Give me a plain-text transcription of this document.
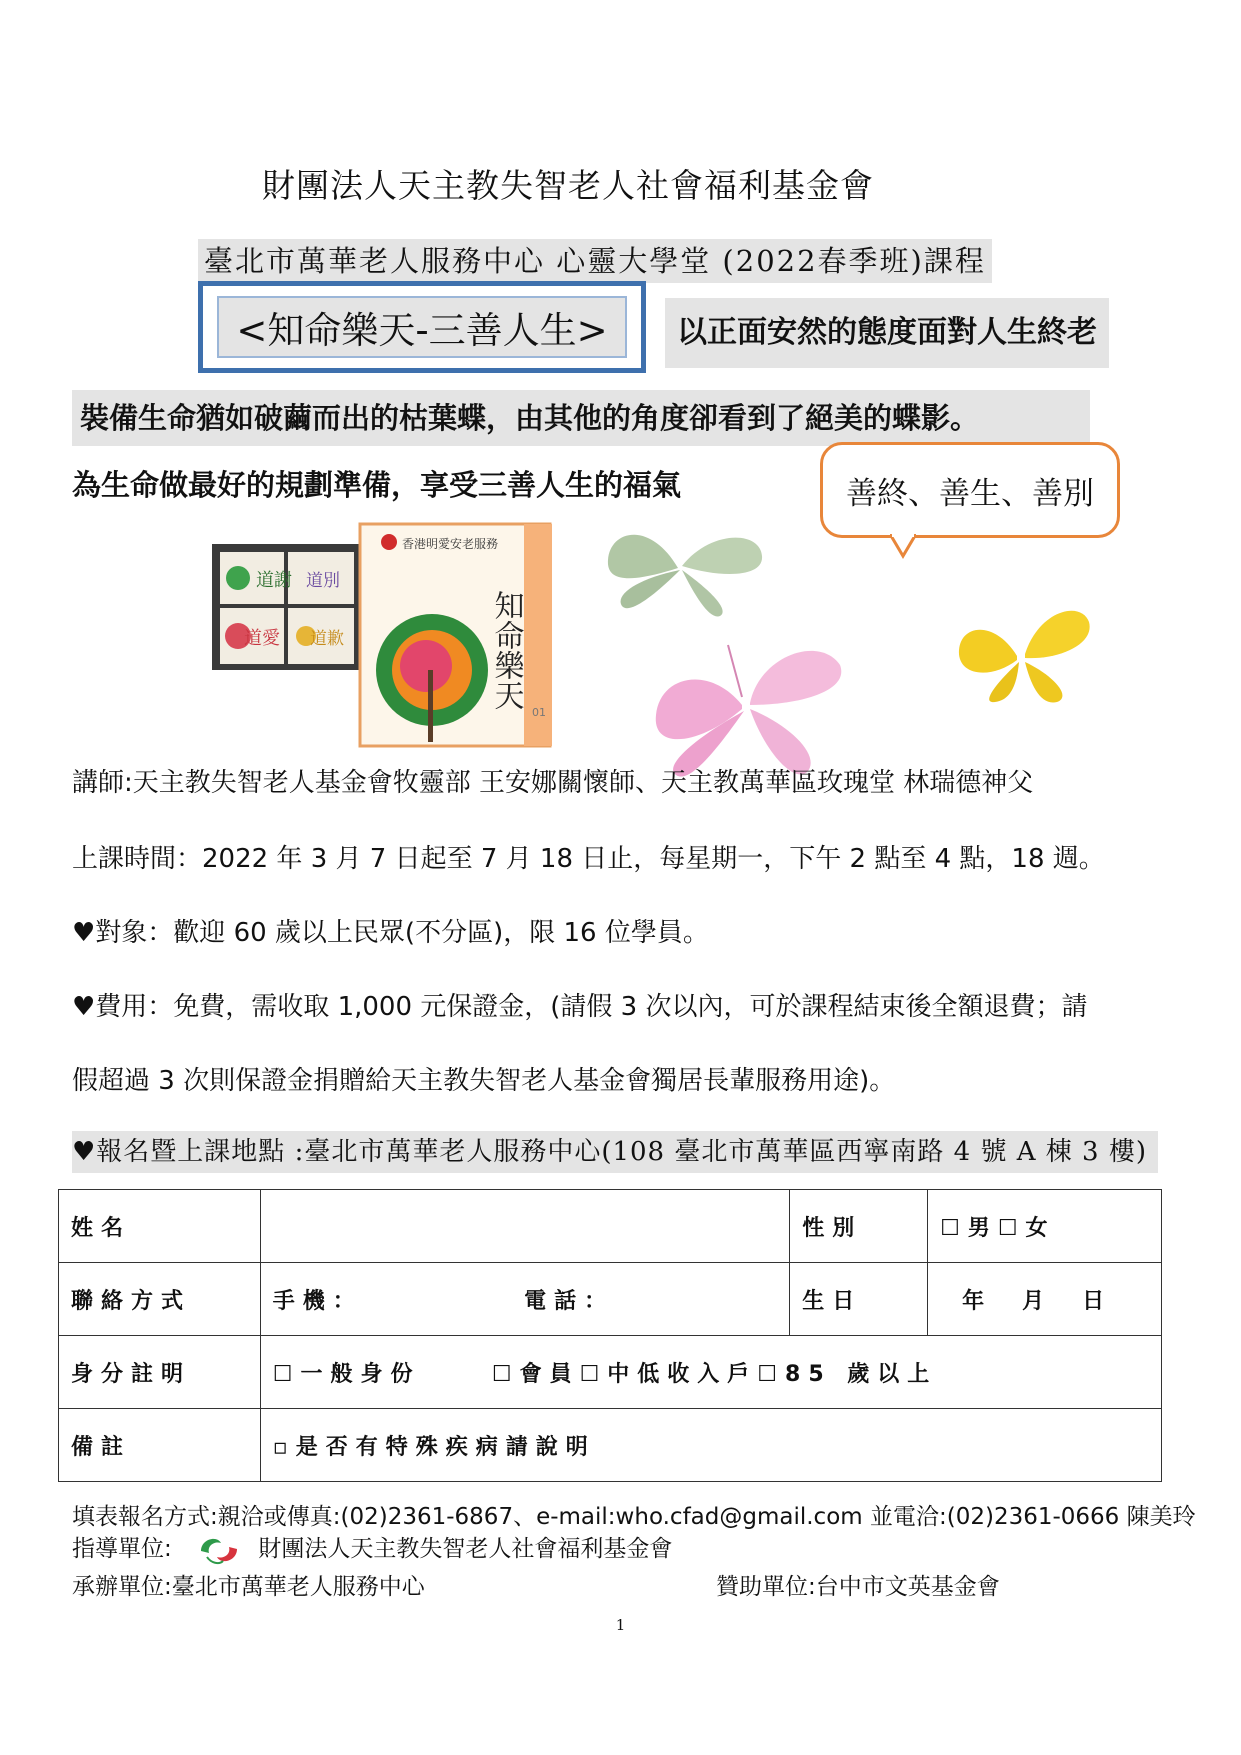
財團法人天主教失智老人社會福利基金會
臺北市萬華老人服務中心 心靈大學堂 (2022春季班)課程
<知命樂天-三善人生>	以正面安然的態度面對人生終老
裝備生命猶如破繭而出的枯葉蝶，由其他的角度卻看到了絕美的蝶影。
為生命做最好的規劃準備，享受三善人生的福氣	善終、善生、善別
道謝 道別
道愛 道歉
香港明愛安老服務
知命樂天
01
講師:天主教失智老人基金會牧靈部 王安娜關懷師、天主教萬華區玫瑰堂 林瑞德神父
上課時間：2022 年 3 月 7 日起至 7 月 18 日止，每星期一，下午 2 點至 4 點，18 週。
♥對象：歡迎 60 歲以上民眾(不分區)，限 16 位學員。
♥費用：免費，需收取 1,000 元保證金，(請假 3 次以內，可於課程結束後全額退費；請
假超過 3 次則保證金捐贈給天主教失智老人基金會獨居長輩服務用途)。
♥報名暨上課地點 :臺北市萬華老人服務中心(108 臺北市萬華區西寧南路 4 號 A 棟 3 樓)
姓名		性別	☐男☐女
聯絡方式	手機： 電話：	生日	年　月　日
身分註明	☐一般身份 ☐會員☐中低收入戶☐85 歲以上		
備註	▫是否有特殊疾病請說明		
填表報名方式:親洽或傳真:(02)2361-6867、e-mail:who.cfad@gmail.com 並電洽:(02)2361-0666 陳美玲
指導單位:	財團法人天主教失智老人社會福利基金會
承辦單位:臺北市萬華老人服務中心	贊助單位:台中市文英基金會
1
